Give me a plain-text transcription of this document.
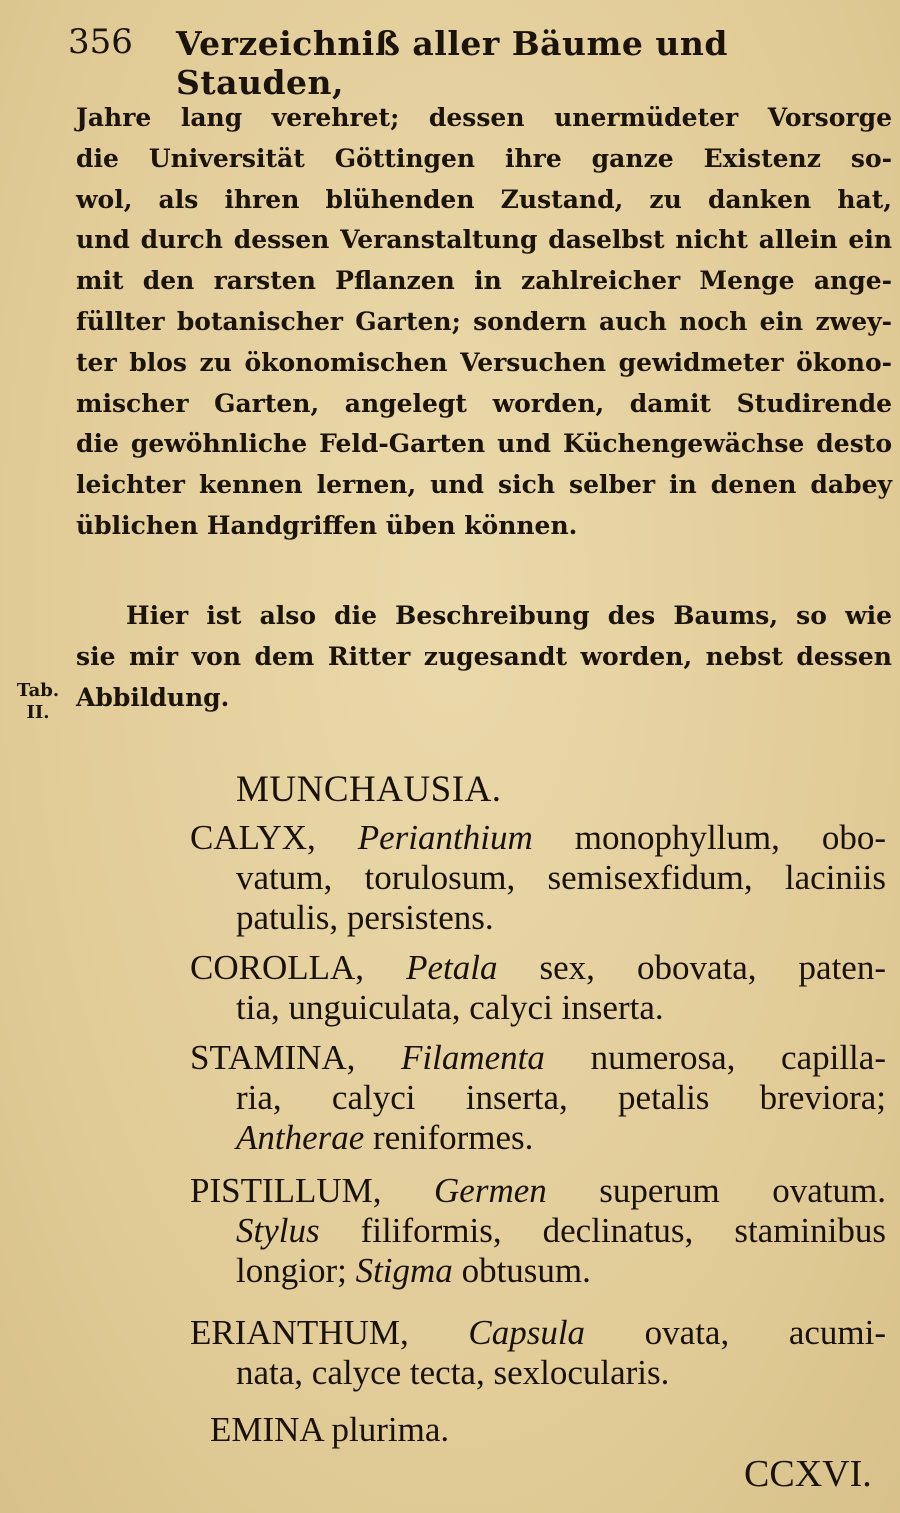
356 Verzeichniß aller Bäume und Stauden,
Jahre lang verehret; dessen unermüdeter Vorsorge
die Universität Göttingen ihre ganze Existenz so-
wol, als ihren blühenden Zustand, zu danken hat,
und durch dessen Veranstaltung daselbst nicht allein ein
mit den rarsten Pflanzen in zahlreicher Menge ange-
füllter botanischer Garten; sondern auch noch ein zwey-
ter blos zu ökonomischen Versuchen gewidmeter ökono-
mischer Garten, angelegt worden, damit Studirende
die gewöhnliche Feld-Garten und Küchengewächse desto
leichter kennen lernen, und sich selber in denen dabey
üblichen Handgriffen üben können.
Hier ist also die Beschreibung des Baums, so wie
sie mir von dem Ritter zugesandt worden, nebst dessen
Abbildung.
Tab.
II.
MUNCHAUSIA.
CALYX, Perianthium monophyllum, obo-
vatum, torulosum, semisexfidum, laciniis
patulis, persistens.
COROLLA, Petala sex, obovata, paten-
tia, unguiculata, calyci inserta.
STAMINA, Filamenta numerosa, capilla-
ria, calyci inserta, petalis breviora;
Antherae reniformes.
PISTILLUM, Germen superum ovatum.
Stylus filiformis, declinatus, staminibus
longior; Stigma obtusum.
ERIANTHUM, Capsula ovata, acumi-
nata, calyce tecta, sexlocularis.
EMINA plurima.
CCXVI.
